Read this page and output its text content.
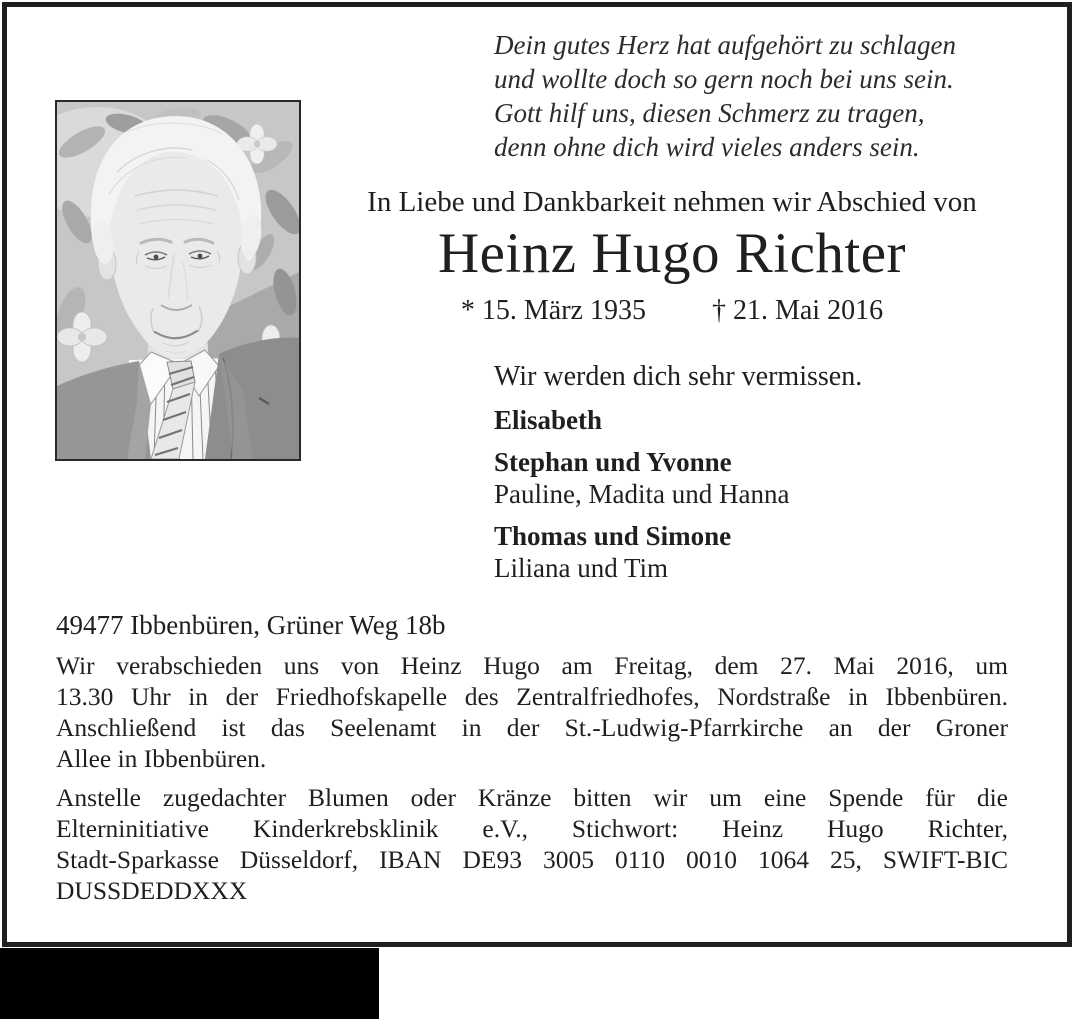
Dein gutes Herz hat aufgehört zu schlagen
und wollte doch so gern noch bei uns sein.
Gott hilf uns, diesen Schmerz zu tragen,
denn ohne dich wird vieles anders sein.
In Liebe und Dankbarkeit nehmen wir Abschied von
Heinz Hugo Richter
* 15. März 1935 † 21. Mai 2016
Wir werden dich sehr vermissen.
Elisabeth
Stephan und Yvonne
Pauline, Madita und Hanna
Thomas und Simone
Liliana und Tim
49477 Ibbenbüren, Grüner Weg 18b
Wir verabschieden uns von Heinz Hugo am Freitag, dem 27. Mai 2016, um
13.30 Uhr in der Friedhofskapelle des Zentralfriedhofes, Nordstraße in Ibbenbüren.
Anschließend ist das Seelenamt in der St.-Ludwig-Pfarrkirche an der Groner
Allee in Ibbenbüren.
Anstelle zugedachter Blumen oder Kränze bitten wir um eine Spende für die
Elterninitiative Kinderkrebsklinik e.V., Stichwort: Heinz Hugo Richter,
Stadt-Sparkasse Düsseldorf, IBAN DE93 3005 0110 0010 1064 25, SWIFT-BIC
DUSSDEDDXXX
